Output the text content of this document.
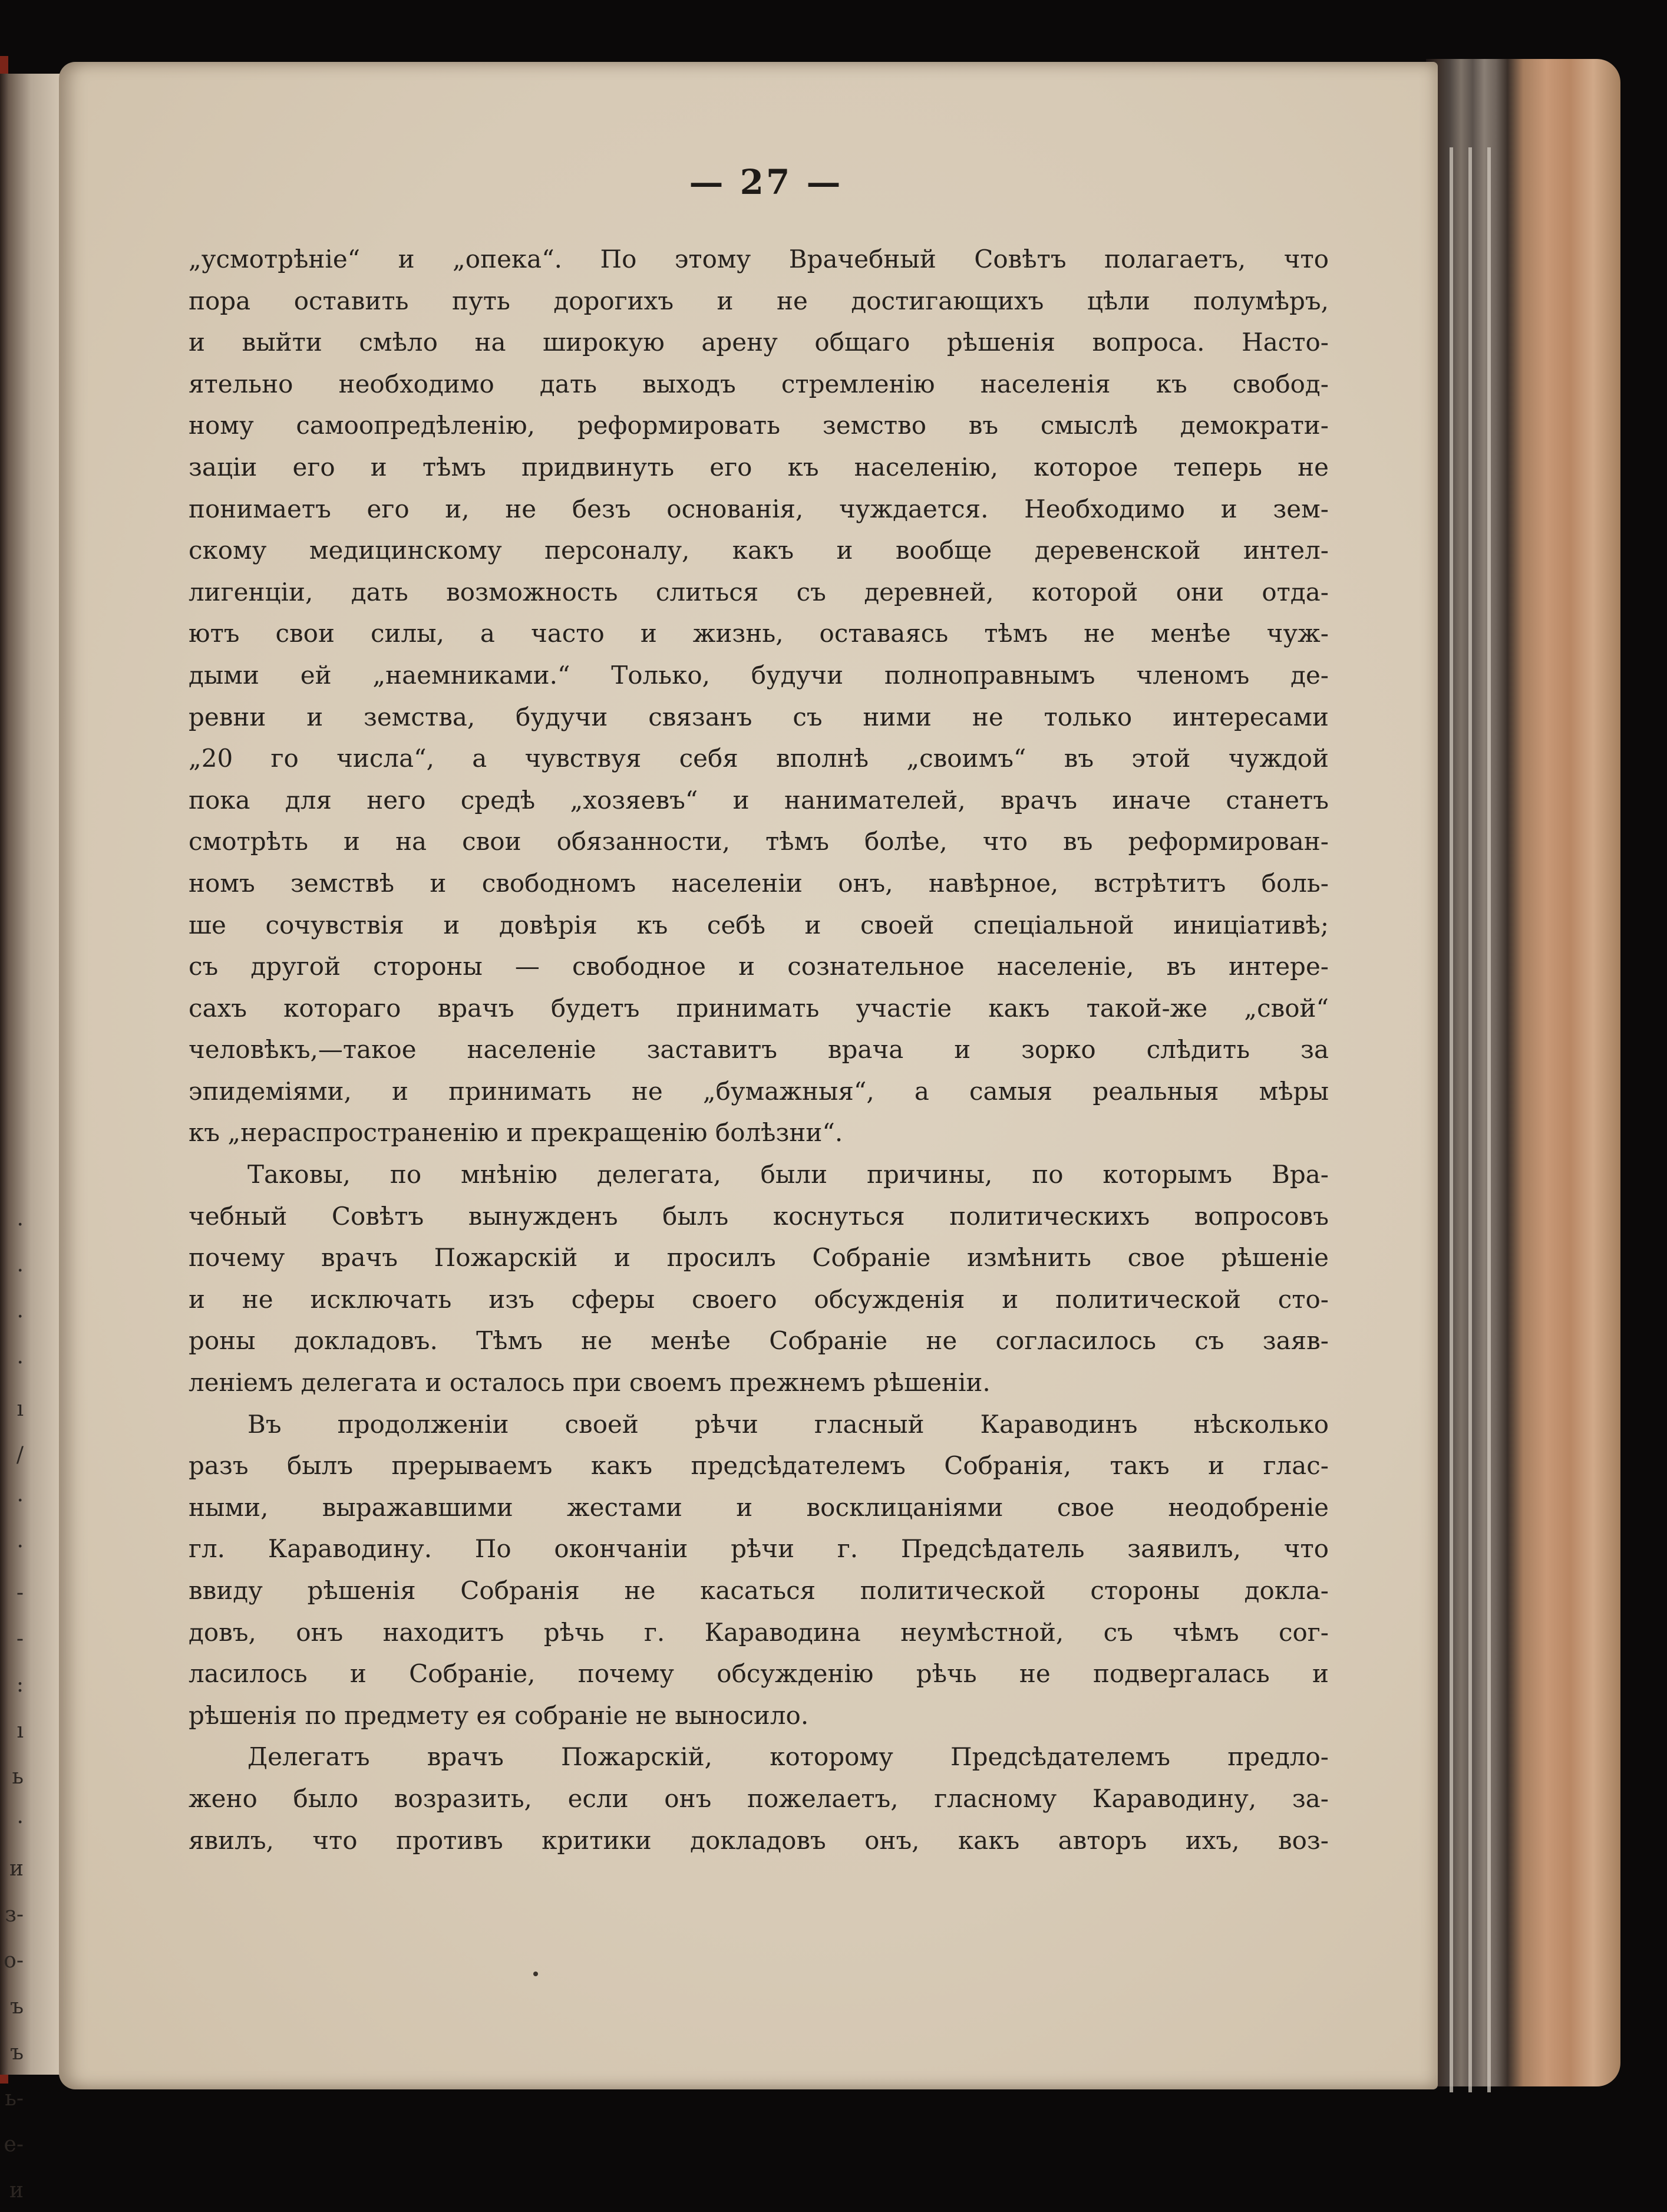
·
·
·
·
ı
/
·
·
-
-
:
ı
ь
·
и
з-
о-
ъ
ъ
ь-
е-
и
— 27 —
„усмотрѣніе“ и „опека“. По этому Врачебный Совѣтъ полагаетъ, что
пора оставить путь дорогихъ и не достигающихъ цѣли полумѣръ,
и выйти смѣло на широкую арену общаго рѣшенія вопроса. Насто-
ятельно необходимо дать выходъ стремленію населенія къ свобод-
ному самоопредѣленію, реформировать земство въ смыслѣ демократи-
заціи его и тѣмъ придвинуть его къ населенію, которое теперь не
понимаетъ его и, не безъ основанія, чуждается. Необходимо и зем-
скому медицинскому персоналу, какъ и вообще деревенской интел-
лигенціи, дать возможность слиться съ деревней, которой они отда-
ютъ свои силы, а часто и жизнь, оставаясь тѣмъ не менѣе чуж-
дыми ей „наемниками.“ Только, будучи полноправнымъ членомъ де-
ревни и земства, будучи связанъ съ ними не только интересами
„20 го числа“, а чувствуя себя вполнѣ „своимъ“ въ этой чуждой
пока для него средѣ „хозяевъ“ и нанимателей, врачъ иначе станетъ
смотрѣть и на свои обязанности, тѣмъ болѣе, что въ реформирован-
номъ земствѣ и свободномъ населеніи онъ, навѣрное, встрѣтитъ боль-
ше сочувствія и довѣрія къ себѣ и своей спеціальной иниціативѣ;
съ другой стороны — свободное и сознательное населеніе, въ интере-
сахъ котораго врачъ будетъ принимать участіе какъ такой-же „свой“
человѣкъ,—такое населеніе заставитъ врача и зорко слѣдить за
эпидеміями, и принимать не „бумажныя“, а самыя реальныя мѣры
къ „нераспространенію и прекращенію болѣзни“.
Таковы, по мнѣнію делегата, были причины, по которымъ Вра-
чебный Совѣтъ вынужденъ былъ коснуться политическихъ вопросовъ
почему врачъ Пожарскій и просилъ Собраніе измѣнить свое рѣшеніе
и не исключать изъ сферы своего обсужденія и политической сто-
роны докладовъ. Тѣмъ не менѣе Собраніе не согласилось съ заяв-
леніемъ делегата и осталось при своемъ прежнемъ рѣшеніи.
Въ продолженіи своей рѣчи гласный Караводинъ нѣсколько
разъ былъ прерываемъ какъ предсѣдателемъ Собранія, такъ и глас-
ными, выражавшими жестами и восклицаніями свое неодобреніе
гл. Караводину. По окончаніи рѣчи г. Предсѣдатель заявилъ, что
ввиду рѣшенія Собранія не касаться политической стороны докла-
довъ, онъ находитъ рѣчь г. Караводина неумѣстной, съ чѣмъ сог-
ласилось и Собраніе, почему обсужденію рѣчь не подвергалась и
рѣшенія по предмету ея собраніе не выносило.
Делегатъ врачъ Пожарскій, которому Предсѣдателемъ предло-
жено было возразить, если онъ пожелаетъ, гласному Караводину, за-
явилъ, что противъ критики докладовъ онъ, какъ авторъ ихъ, воз-
